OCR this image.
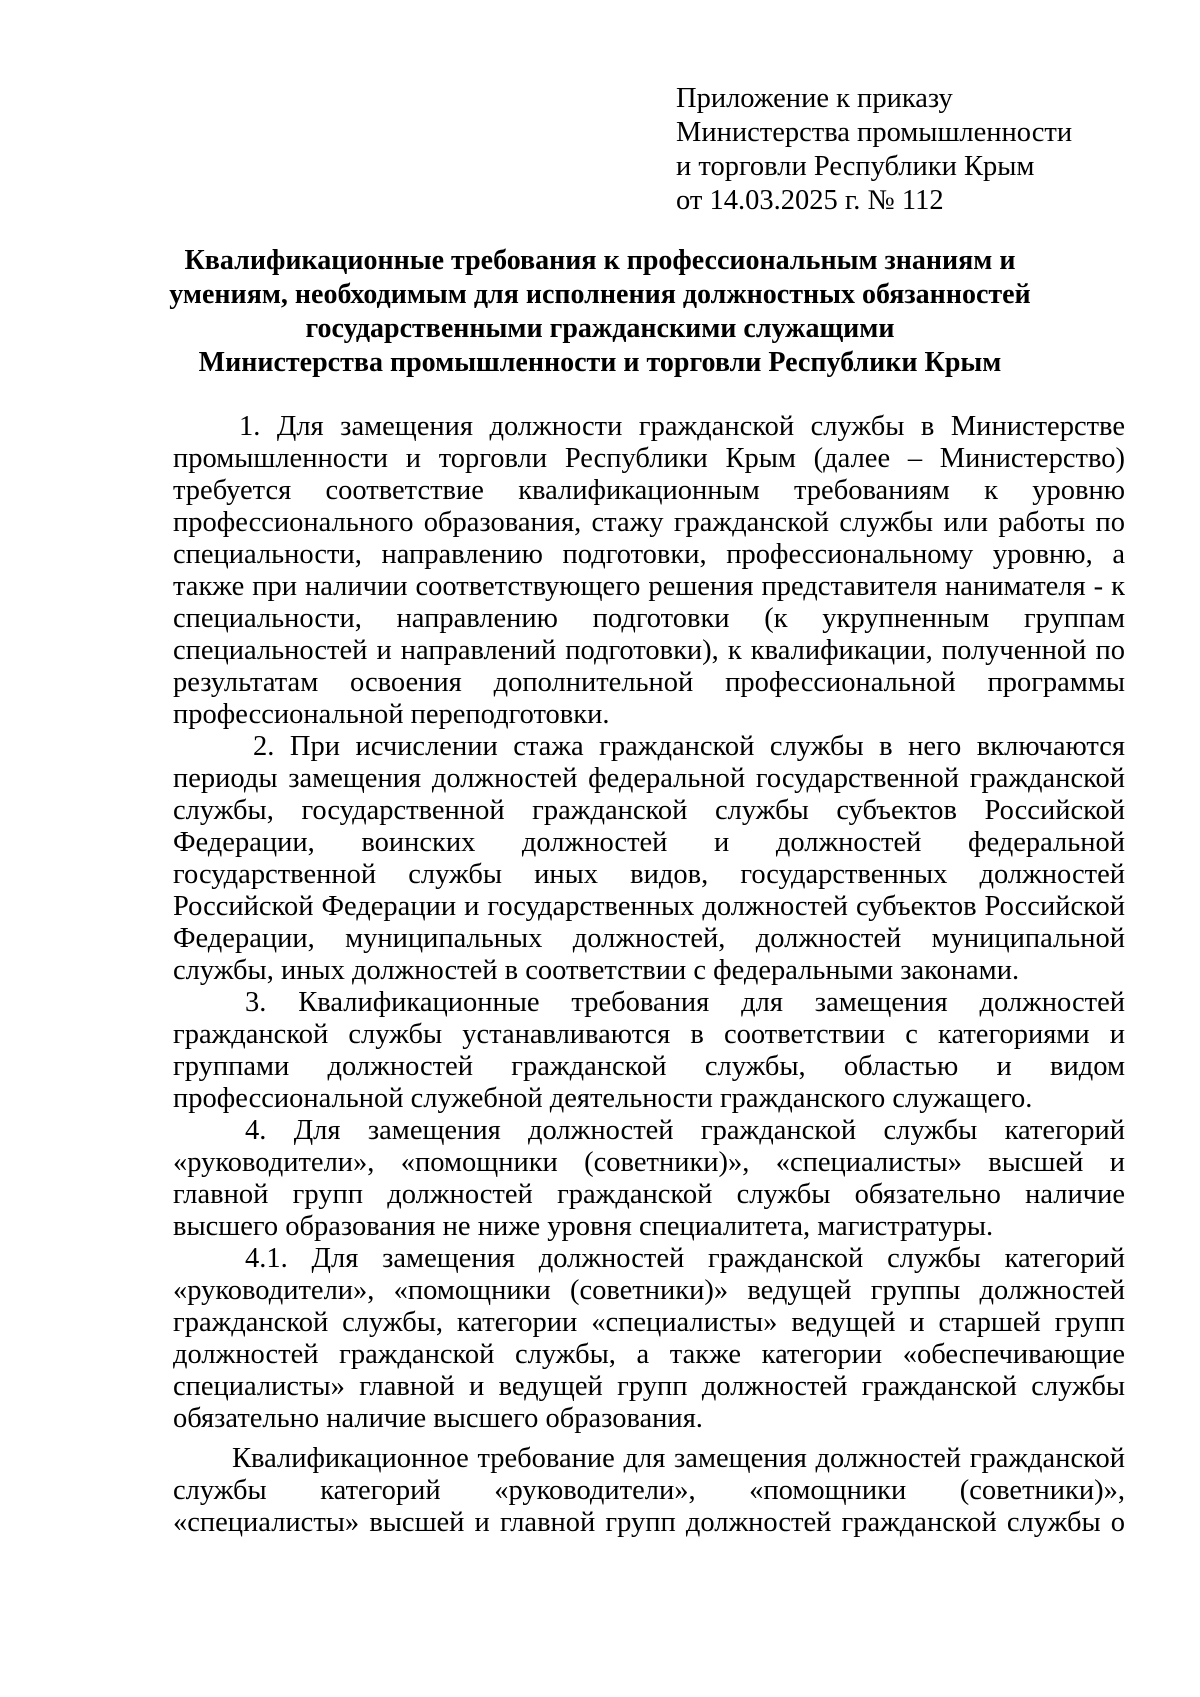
Приложение к приказу
Министерства промышленности
и торговли Республики Крым
от 14.03.2025 г. № 112
Квалификационные требования к профессиональным знаниям и
умениям, необходимым для исполнения должностных обязанностей
государственными гражданскими служащими
Министерства промышленности и торговли Республики Крым

1. Для замещения должности гражданской службы в Министерстве промышленности и торговли Республики Крым (далее – Министерство) требуется соответствие квалификационным требованиям к уровню профессионального образования, стажу гражданской службы или работы по специальности, направлению подготовки, профессиональному уровню, а также при наличии соответствующего решения представителя нанимателя - к специальности, направлению подготовки (к укрупненным группам специальностей и направлений подготовки), к квалификации, полученной по результатам освоения дополнительной профессиональной программы профессиональной переподготовки.

2. При исчислении стажа гражданской службы в него включаются периоды замещения должностей федеральной государственной гражданской службы, государственной гражданской службы субъектов Российской Федерации, воинских должностей и должностей федеральной государственной службы иных видов, государственных должностей Российской Федерации и государственных должностей субъектов Российской Федерации, муниципальных должностей, должностей муниципальной службы, иных должностей в соответствии с федеральными законами.

3. Квалификационные требования для замещения должностей гражданской службы устанавливаются в соответствии с категориями и группами должностей гражданской службы, областью и видом профессиональной служебной деятельности гражданского служащего.

4. Для замещения должностей гражданской службы категорий «руководители», «помощники (советники)», «специалисты» высшей и главной групп должностей гражданской службы обязательно наличие высшего образования не ниже уровня специалитета, магистратуры.

4.1. Для замещения должностей гражданской службы категорий «руководители», «помощники (советники)» ведущей группы должностей гражданской службы, категории «специалисты» ведущей и старшей групп должностей гражданской службы, а также категории «обеспечивающие специалисты» главной и ведущей групп должностей гражданской службы обязательно наличие высшего образования.

Квалификационное требование для замещения должностей гражданской службы категорий «руководители», «помощники (советники)», «специалисты» высшей и главной групп должностей гражданской службы о
